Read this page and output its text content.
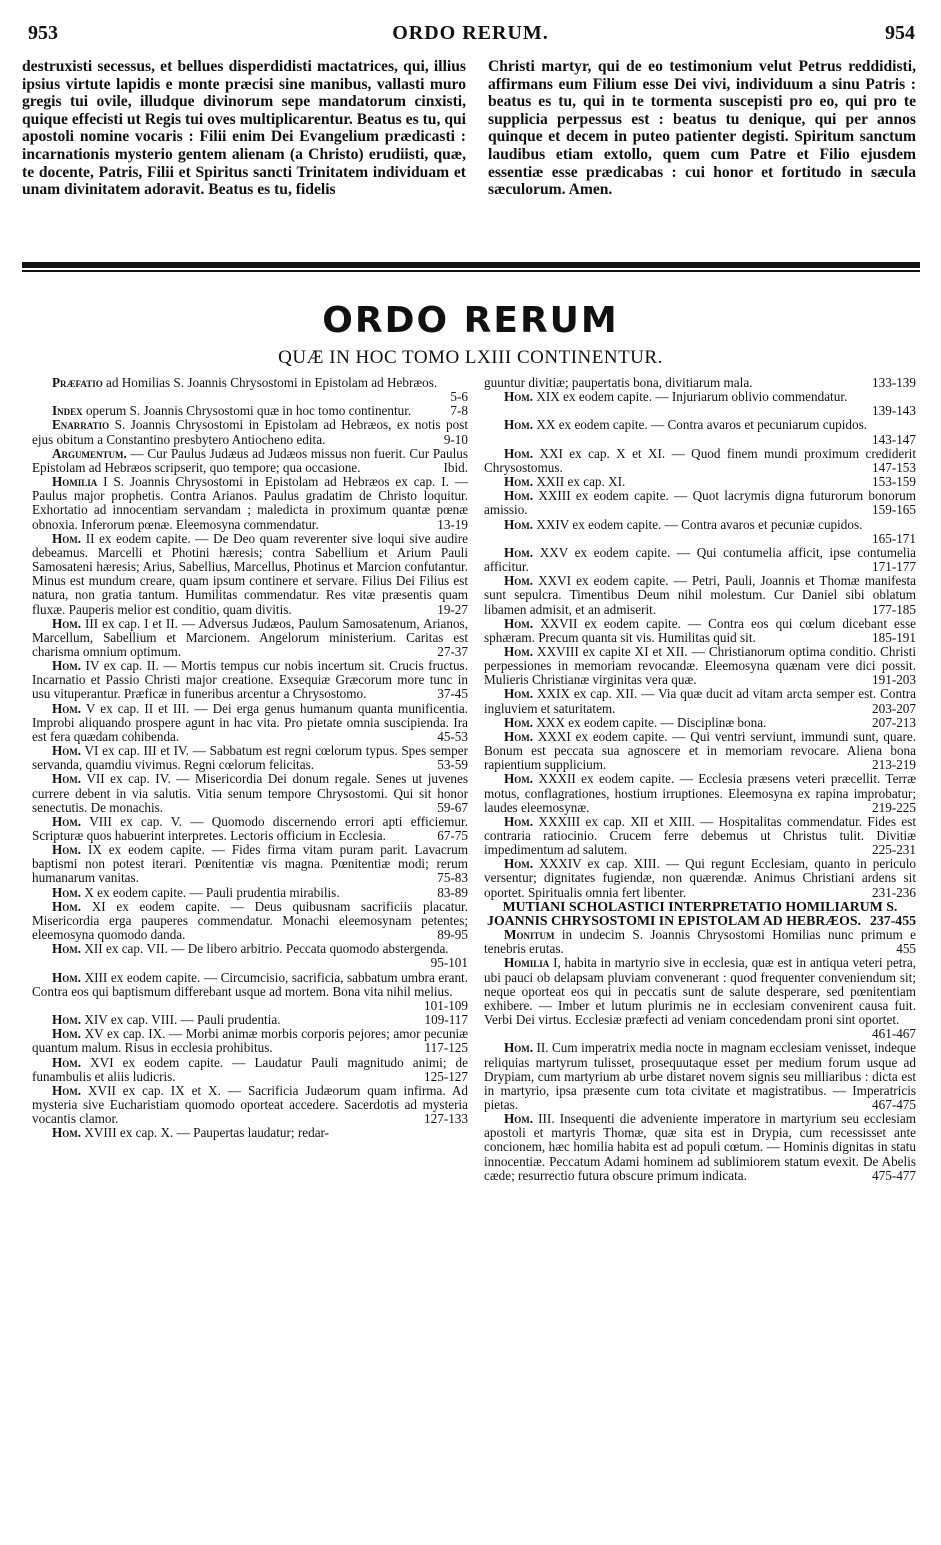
953	ORDO RERUM.	954
destruxisti secessus, et bellues disperdidisti mactatrices, qui, illius ipsius virtute lapidis e monte præcisi sine manibus, vallasti muro gregis tui ovile, illudque divinorum sepe mandatorum cinxisti, quique effecisti ut Regis tui oves multiplicarentur. Beatus es tu, qui apostoli nomine vocaris : Filii enim Dei Evangelium prædicasti : incarnationis mysterio gentem alienam (a Christo) erudiisti, quæ, te docente, Patris, Filii et Spiritus sancti Trinitatem individuam et unam divinitatem adoravit. Beatus es tu, fidelis
Christi martyr, qui de eo testimonium velut Petrus reddidisti, affirmans eum Filium esse Dei vivi, individuum a sinu Patris : beatus es tu, qui in te tormenta suscepisti pro eo, qui pro te supplicia perpessus est : beatus tu denique, qui per annos quinque et decem in puteo patienter degisti. Spiritum sanctum laudibus etiam extollo, quem cum Patre et Filio ejusdem essentiæ esse prædicabas : cui honor et fortitudo in sæcula sæculorum. Amen.
ORDO RERUM
QUÆ IN HOC TOMO LXIII CONTINENTUR.

Præfatio ad Homilias S. Joannis Chrysostomi in Epistolam ad Hebræos.
5-6

Index operum S. Joannis Chrysostomi quæ in hoc tomo continentur.	7-8

Enarratio S. Joannis Chrysostomi in Epistolam ad Hebræos, ex notis post ejus obitum a Constantino presbytero Antiocheno edita.	9-10

Argumentum. — Cur Paulus Judæus ad Judæos missus non fuerit. Cur Paulus Epistolam ad Hebræos scripserit, quo tempore; qua occasione.	Ibid.

Homilia I S. Joannis Chrysostomi in Epistolam ad Hebræos ex cap. I. — Paulus major prophetis. Contra Arianos. Paulus gradatim de Christo loquitur. Exhortatio ad innocentiam servandam ; maledicta in proximum quantæ pœnæ obnoxia. Inferorum pœnæ. Eleemosyna commendatur.	13-19

Hom. II ex eodem capite. — De Deo quam reverenter sive loqui sive audire debeamus. Marcelli et Photini hæresis; contra Sabellium et Arium Pauli Samosateni hæresis; Arius, Sabellius, Marcellus, Photinus et Marcion confutantur. Minus est mundum creare, quam ipsum continere et servare. Filius Dei Filius est natura, non gratia tantum. Humilitas commendatur. Res vitæ præsentis quam fluxæ. Pauperis melior est conditio, quam divitis.	19-27

Hom. III ex cap. I et II. — Adversus Judæos, Paulum Samosatenum, Arianos, Marcellum, Sabellium et Marcionem. Angelorum ministerium. Caritas est charisma omnium optimum.	27-37

Hom. IV ex cap. II. — Mortis tempus cur nobis incertum sit. Crucis fructus. Incarnatio et Passio Christi major creatione. Exsequiæ Græcorum more tunc in usu vituperantur. Præficæ in funeribus arcentur a Chrysostomo.	37-45

Hom. V ex cap. II et III. — Dei erga genus humanum quanta munificentia. Improbi aliquando prospere agunt in hac vita. Pro pietate omnia suscipienda. Ira est fera quædam cohibenda.	45-53

Hom. VI ex cap. III et IV. — Sabbatum est regni cœlorum typus. Spes semper servanda, quamdiu vivimus. Regni cœlorum felicitas.	53-59

Hom. VII ex cap. IV. — Misericordia Dei donum regale. Senes ut juvenes currere debent in via salutis. Vitia senum tempore Chrysostomi. Qui sit honor senectutis. De monachis.	59-67

Hom. VIII ex cap. V. — Quomodo discernendo errori apti efficiemur. Scripturæ quos habuerint interpretes. Lectoris officium in Ecclesia.	67-75

Hom. IX ex eodem capite. — Fides firma vitam puram parit. Lavacrum baptismi non potest iterari. Pœnitentiæ vis magna. Pœnitentiæ modi; rerum humanarum vanitas.	75-83

Hom. X ex eodem capite. — Pauli prudentia mirabilis.	83-89

Hom. XI ex eodem capite. — Deus quibusnam sacrificiis placatur. Misericordia erga pauperes commendatur. Monachi eleemosynam petentes; eleemosyna quomodo danda.	89-95

Hom. XII ex cap. VII. — De libero arbitrio. Peccata quomodo abstergenda.
95-101

Hom. XIII ex eodem capite. — Circumcisio, sacrificia, sabbatum umbra erant. Contra eos qui baptismum differebant usque ad mortem. Bona vita nihil melius.
101-109

Hom. XIV ex cap. VIII. — Pauli prudentia.	109-117

Hom. XV ex cap. IX. — Morbi animæ morbis corporis pejores; amor pecuniæ quantum malum. Risus in ecclesia prohibitus.	117-125

Hom. XVI ex eodem capite. — Laudatur Pauli magnitudo animi; de funambulis et aliis ludicris.	125-127

Hom. XVII ex cap. IX et X. — Sacrificia Judæorum quam infirma. Ad mysteria sive Eucharistiam quomodo oporteat accedere. Sacerdotis ad mysteria vocantis clamor.	127-133

Hom. XVIII ex cap. X. — Paupertas laudatur; redar-

guuntur divitiæ; paupertatis bona, divitiarum mala.	133-139

Hom. XIX ex eodem capite. — Injuriarum oblivio commendatur.
139-143

Hom. XX ex eodem capite. — Contra avaros et pecuniarum cupidos.
143-147

Hom. XXI ex cap. X et XI. — Quod finem mundi proximum crediderit Chrysostomus.	147-153

Hom. XXII ex cap. XI.	153-159

Hom. XXIII ex eodem capite. — Quot lacrymis digna futurorum bonorum amissio.	159-165

Hom. XXIV ex eodem capite. — Contra avaros et pecuniæ cupidos.
165-171

Hom. XXV ex eodem capite. — Qui contumelia afficit, ipse contumelia afficitur.	171-177

Hom. XXVI ex eodem capite. — Petri, Pauli, Joannis et Thomæ manifesta sunt sepulcra. Timentibus Deum nihil molestum. Cur Daniel sibi oblatum libamen admisit, et an admiserit.	177-185

Hom. XXVII ex eodem capite. — Contra eos qui cœlum dicebant esse sphæram. Precum quanta sit vis. Humilitas quid sit.	185-191

Hom. XXVIII ex capite XI et XII. — Christianorum optima conditio. Christi perpessiones in memoriam revocandæ. Eleemosyna quænam vere dici possit. Mulieris Christianæ virginitas vera quæ.	191-203

Hom. XXIX ex cap. XII. — Via quæ ducit ad vitam arcta semper est. Contra ingluviem et saturitatem.	203-207

Hom. XXX ex eodem capite. — Disciplinæ bona.	207-213

Hom. XXXI ex eodem capite. — Qui ventri serviunt, immundi sunt, quare. Bonum est peccata sua agnoscere et in memoriam revocare. Aliena bona rapientium supplicium.	213-219

Hom. XXXII ex eodem capite. — Ecclesia præsens veteri præcellit. Terræ motus, conflagrationes, hostium irruptiones. Eleemosyna ex rapina improbatur; laudes eleemosynæ.	219-225

Hom. XXXIII ex cap. XII et XIII. — Hospitalitas commendatur. Fides est contraria ratiocinio. Crucem ferre debemus ut Christus tulit. Divitiæ impedimentum ad salutem.	225-231

Hom. XXXIV ex cap. XIII. — Qui regunt Ecclesiam, quanto in periculo versentur; dignitates fugiendæ, non quærendæ. Animus Christiani ardens sit oportet. Spiritualis omnia fert libenter.	231-236

MUTIANI SCHOLASTICI INTERPRETATIO HOMILIARUM S. JOANNIS CHRYSOSTOMI IN EPISTOLAM AD HEBRÆOS. 237-455

Monitum in undecim S. Joannis Chrysostomi Homilias nunc primum e tenebris erutas.	455

Homilia I, habita in martyrio sive in ecclesia, quæ est in antiqua veteri petra, ubi pauci ob delapsam pluviam convenerant : quod frequenter conveniendum sit; neque oporteat eos qui in peccatis sunt de salute desperare, sed pœnitentiam exhibere. — Imber et lutum plurimis ne in ecclesiam convenirent causa fuit. Verbi Dei virtus. Ecclesiæ præfecti ad veniam concedendam proni sint oportet.
461-467

Hom. II. Cum imperatrix media nocte in magnam ecclesiam venisset, indeque reliquias martyrum tulisset, prosequutaque esset per medium forum usque ad Drypiam, cum martyrium ab urbe distaret novem signis seu milliaribus : dicta est in martyrio, ipsa præsente cum tota civitate et magistratibus. — Imperatricis pietas.	467-475

Hom. III. Insequenti die advenientе imperatore in martyrium seu ecclesiam apostoli et martyris Thomæ, quæ sita est in Drypia, cum recessisset ante concionem, hæc homilia habita est ad populi cœtum. — Hominis dignitas in statu innocentiæ. Peccatum Adami hominem ad sublimiorem statum evexit. De Abelis cæde; resurrectio futura obscure primum indicata.	475-477
